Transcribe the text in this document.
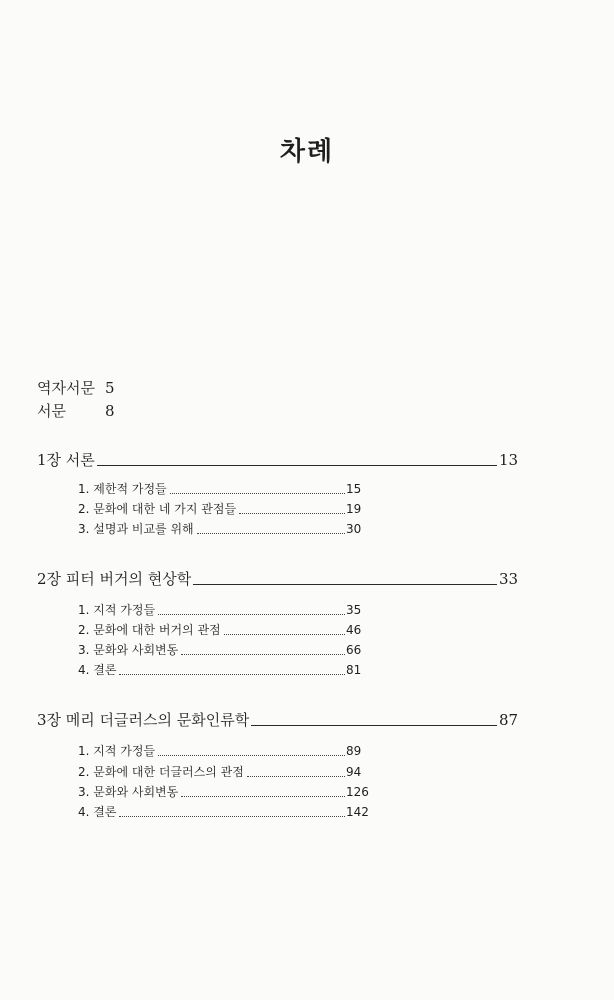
차례
역자서문 5
서문	8
1장 서론	13
1. 제한적 가정들	15
2. 문화에 대한 네 가지 관점들	19
3. 설명과 비교를 위해	30
2장 피터 버거의 현상학	33
1. 지적 가정들	35
2. 문화에 대한 버거의 관점	46
3. 문화와 사회변동	66
4. 결론	81
3장 메리 더글러스의 문화인류학	87
1. 지적 가정들	89
2. 문화에 대한 더글러스의 관점	94
3. 문화와 사회변동	126
4. 결론	142
